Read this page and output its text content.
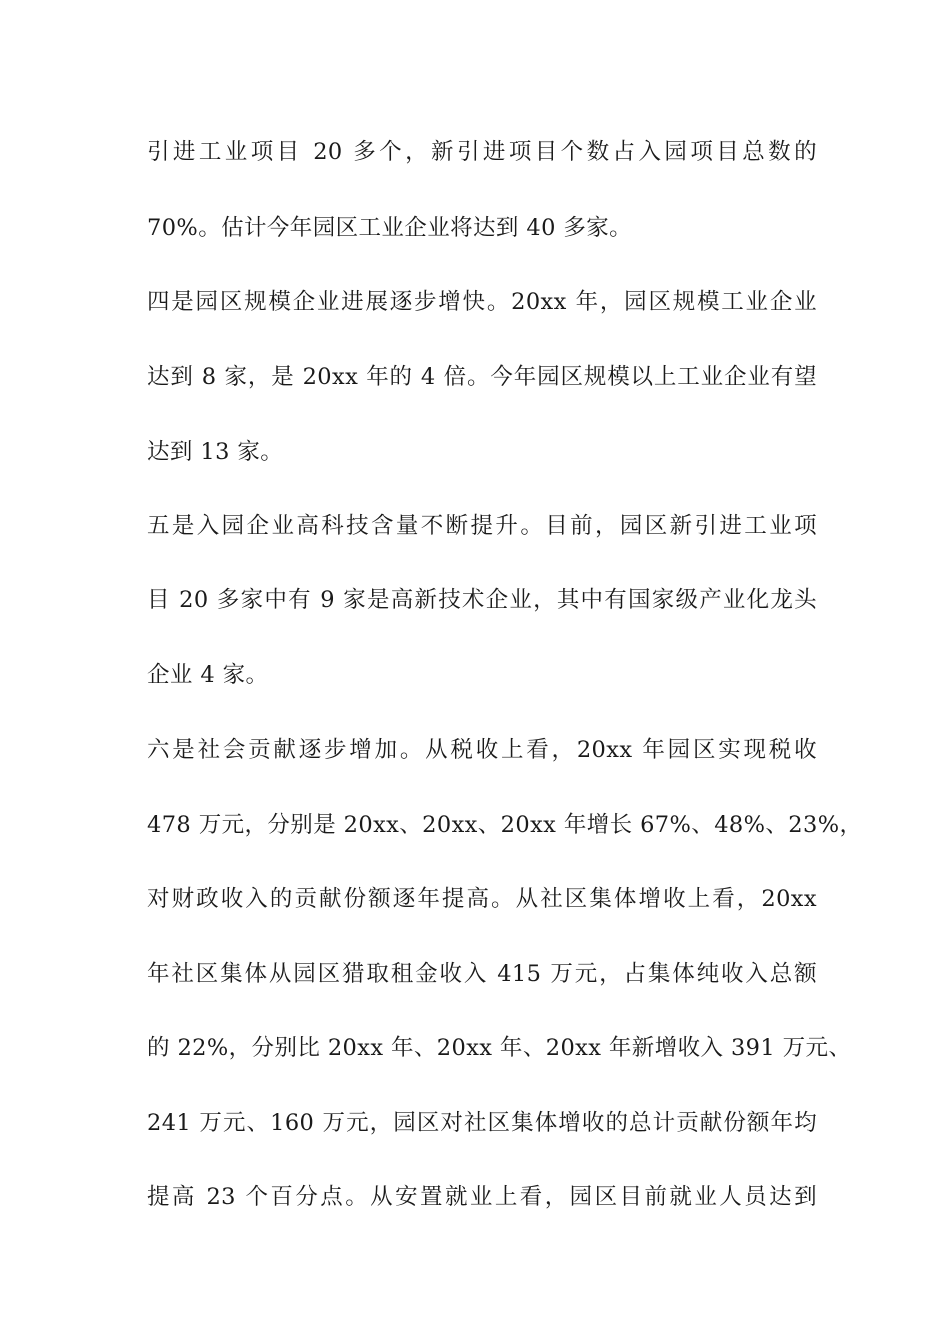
引进工业项目 20 多个，新引进项目个数占入园项目总数的
70%。估计今年园区工业企业将达到 40 多家。
四是园区规模企业进展逐步增快。20xx 年，园区规模工业企业
达到 8 家，是 20xx 年的 4 倍。今年园区规模以上工业企业有望
达到 13 家。
五是入园企业高科技含量不断提升。目前，园区新引进工业项
目 20 多家中有 9 家是高新技术企业，其中有国家级产业化龙头
企业 4 家。
六是社会贡献逐步增加。从税收上看，20xx 年园区实现税收
478 万元，分别是 20xx、20xx、20xx 年增长 67%、48%、23%，
对财政收入的贡献份额逐年提高。从社区集体增收上看，20xx
年社区集体从园区猎取租金收入 415 万元，占集体纯收入总额
的 22%，分别比 20xx 年、20xx 年、20xx 年新增收入 391 万元、
241 万元、160 万元，园区对社区集体增收的总计贡献份额年均
提高 23 个百分点。从安置就业上看，园区目前就业人员达到
